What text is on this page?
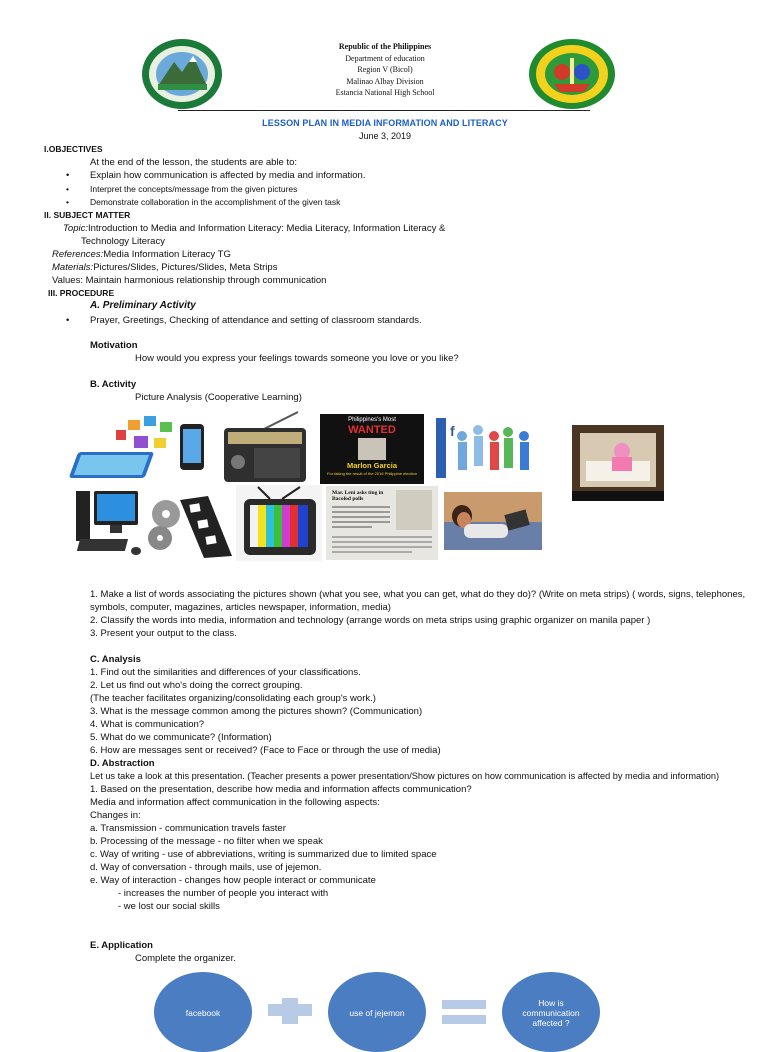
Republic of the Philippines
Department of education
Region V (Bicol)
Malinao Albay Division
Estancia National High School
LESSON PLAN IN MEDIA INFORMATION AND LITERACY
June 3, 2019
I.OBJECTIVES
At the end of the lesson, the students are able to:
• Explain how communication is affected by media and information.
• Interpret the concepts/message from the given pictures
• Demonstrate collaboration in the accomplishment of the given task
II. SUBJECT MATTER
Topic:Introduction to Media and Information Literacy: Media Literacy, Information Literacy &
Technology Literacy
References:Media Information Literacy TG
Materials:Pictures/Slides, Pictures/Slides, Meta Strips
Values: Maintain harmonious relationship through communication
III. PROCEDURE
A. Preliminary Activity
• Prayer, Greetings, Checking of attendance and setting of classroom standards.
Motivation
How would you express your feelings towards someone you love or you like?
B. Activity
Picture Analysis (Cooperative Learning)
Philippines's Most
WANTED
Marlon Garcia
For faking the result of the 2016 Philippine election
f
Mar. Leni asks ting in Bacolod polls
1. Make a list of words associating the pictures shown (what you see, what you can get, what do they do)? (Write on meta strips) ( words, signs, telephones,
symbols, computer, magazines, articles newspaper, information, media)
2. Classify the words into media, information and technology (arrange words on meta strips using graphic organizer on manila paper )
3. Present your output to the class.
C. Analysis
1. Find out the similarities and differences of your classifications.
2. Let us find out who's doing the correct grouping.
(The teacher facilitates organizing/consolidating each group's work.)
3. What is the message common among the pictures shown? (Communication)
4. What is communication?
5. What do we communicate? (Information)
6. How are messages sent or received? (Face to Face or through the use of media)
D. Abstraction
Let us take a look at this presentation. (Teacher presents a power presentation/Show pictures on how communication is affected by media and information)
1. Based on the presentation, describe how media and information affects communication?
Media and information affect communication in the following aspects:
Changes in:
a. Transmission - communication travels faster
b. Processing of the message - no filter when we speak
c. Way of writing - use of abbreviations, writing is summarized due to limited space
d. Way of conversation - through mails, use of jejemon.
e. Way of interaction - changes how people interact or communicate
- increases the number of people you interact with
- we lost our social skills
E. Application
Complete the organizer.
facebook	use of jejemon
How is communication affected ?
